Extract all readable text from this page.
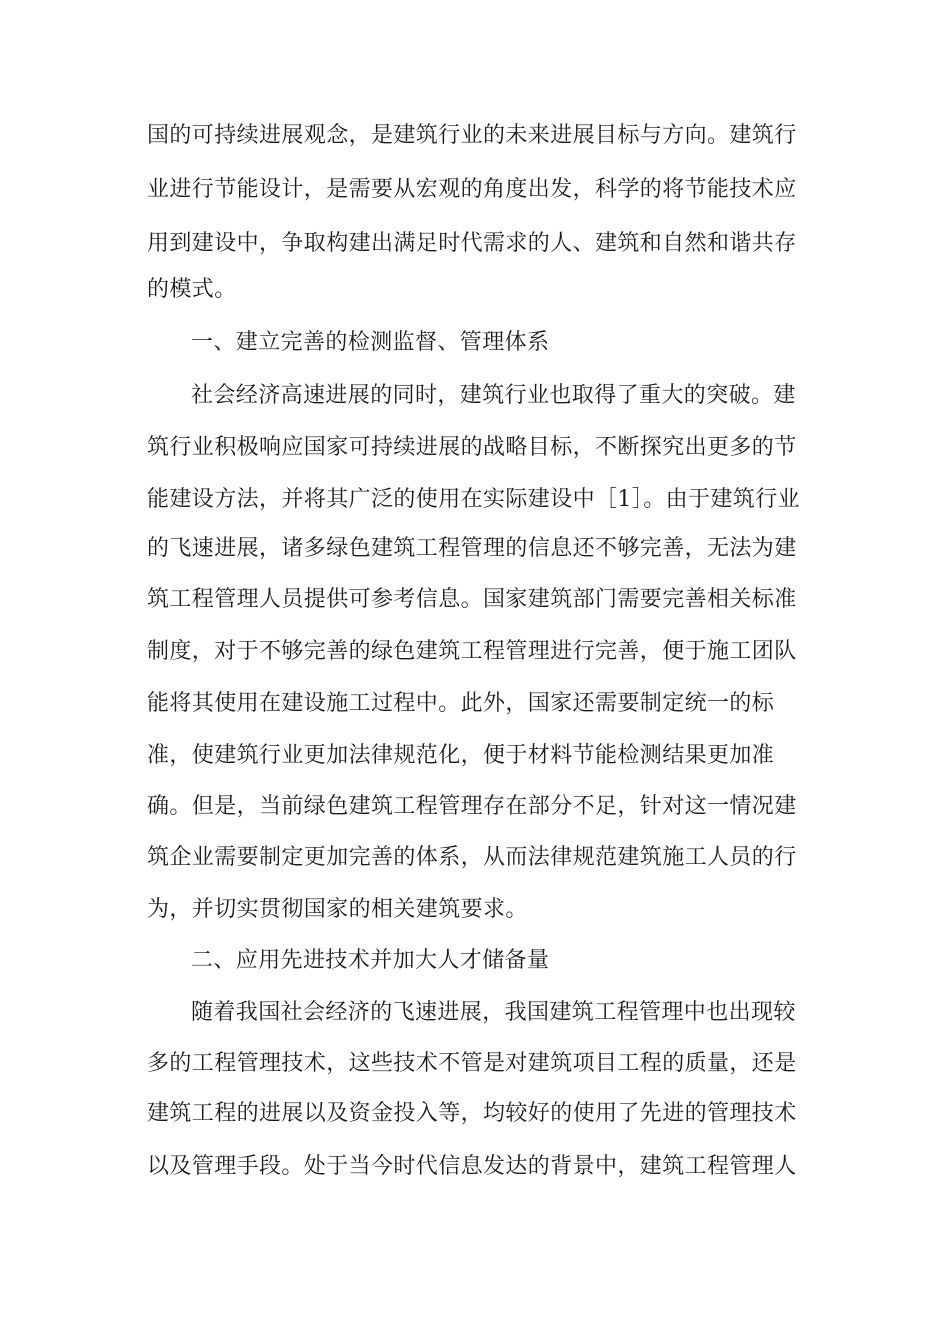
国的可持续进展观念，是建筑行业的未来进展目标与方向。建筑行
业进行节能设计，是需要从宏观的角度出发，科学的将节能技术应
用到建设中，争取构建出满足时代需求的人、建筑和自然和谐共存
的模式。
一、建立完善的检测监督、管理体系
社会经济高速进展的同时，建筑行业也取得了重大的突破。建
筑行业积极响应国家可持续进展的战略目标，不断探究出更多的节
能建设方法，并将其广泛的使用在实际建设中［1］。由于建筑行业
的飞速进展，诸多绿色建筑工程管理的信息还不够完善，无法为建
筑工程管理人员提供可参考信息。国家建筑部门需要完善相关标准
制度，对于不够完善的绿色建筑工程管理进行完善，便于施工团队
能将其使用在建设施工过程中。此外，国家还需要制定统一的标
准，使建筑行业更加法律规范化，便于材料节能检测结果更加准
确。但是，当前绿色建筑工程管理存在部分不足，针对这一情况建
筑企业需要制定更加完善的体系，从而法律规范建筑施工人员的行
为，并切实贯彻国家的相关建筑要求。
二、应用先进技术并加大人才储备量
随着我国社会经济的飞速进展，我国建筑工程管理中也出现较
多的工程管理技术，这些技术不管是对建筑项目工程的质量，还是
建筑工程的进展以及资金投入等，均较好的使用了先进的管理技术
以及管理手段。处于当今时代信息发达的背景中，建筑工程管理人
